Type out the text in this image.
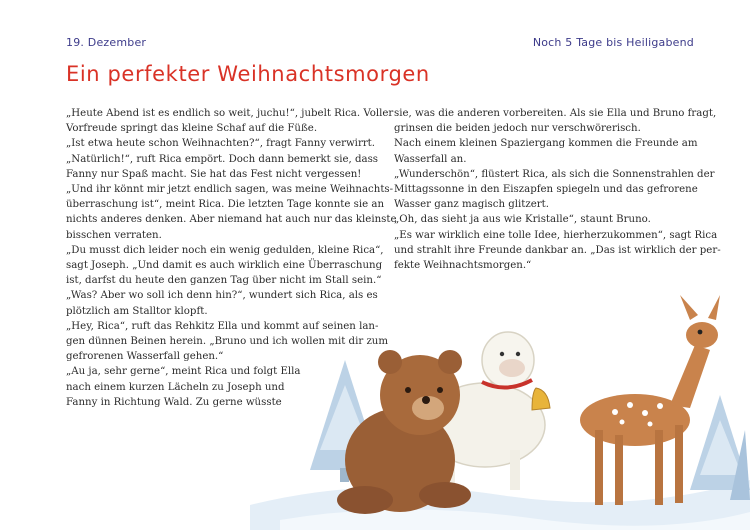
19. Dezember	Noch 5 Tage bis Heiligabend
Ein perfekter Weihnachtsmorgen

„Heute Abend ist es endlich so weit, juchu!“, jubelt Rica. Voller

Vorfreude springt das kleine Schaf auf die Füße.

„Ist etwa heute schon Weihnachten?“, fragt Fanny verwirrt.

„Natürlich!“, ruft Rica empört. Doch dann bemerkt sie, dass

Fanny nur Spaß macht. Sie hat das Fest nicht vergessen!

„Und ihr könnt mir jetzt endlich sagen, was meine Weihnachts-

überraschung ist“, meint Rica. Die letzten Tage konnte sie an

nichts anderes denken. Aber niemand hat auch nur das kleinste

bisschen verraten.

„Du musst dich leider noch ein wenig gedulden, kleine Rica“,

sagt Joseph. „Und damit es auch wirklich eine Überraschung

ist, darfst du heute den ganzen Tag über nicht im Stall sein.“

„Was? Aber wo soll ich denn hin?“, wundert sich Rica, als es

plötzlich am Stalltor klopft.

„Hey, Rica“, ruft das Rehkitz Ella und kommt auf seinen lan-

gen dünnen Beinen herein. „Bruno und ich wollen mit dir zum

gefrorenen Wasserfall gehen.“

„Au ja, sehr gerne“, meint Rica und folgt Ella

nach einem kurzen Lächeln zu Joseph und

Fanny in Richtung Wald. Zu gerne wüsste

sie, was die anderen vorbereiten. Als sie Ella und Bruno fragt,

grinsen die beiden jedoch nur verschwörerisch.

Nach einem kleinen Spaziergang kommen die Freunde am

Wasserfall an.

„Wunderschön“, flüstert Rica, als sich die Sonnenstrahlen der

Mittagssonne in den Eiszapfen spiegeln und das gefrorene

Wasser ganz magisch glitzert.

„Oh, das sieht ja aus wie Kristalle“, staunt Bruno.

„Es war wirklich eine tolle Idee, hierherzukommen“, sagt Rica

und strahlt ihre Freunde dankbar an. „Das ist wirklich der per-

fekte Weihnachtsmorgen.“
